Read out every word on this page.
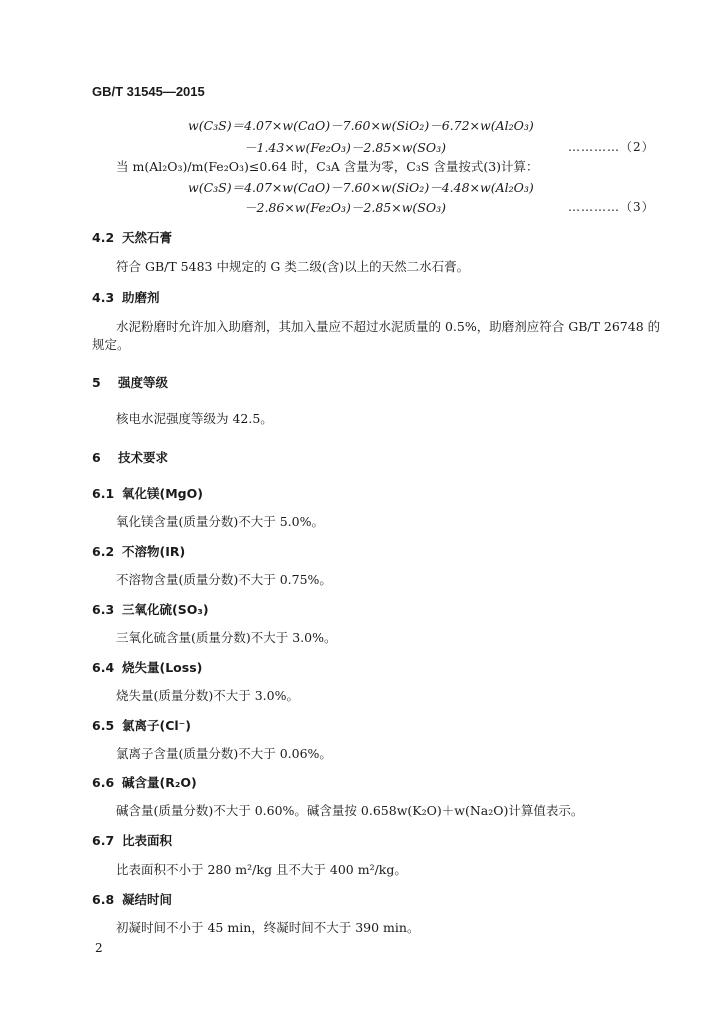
GB/T 31545—2015
w(C₃S)＝4.07×w(CaO)－7.60×w(SiO₂)－6.72×w(Al₂O₃)
－1.43×w(Fe₂O₃)－2.85×w(SO₃)	…………（2）
当 m(Al₂O₃)/m(Fe₂O₃)≤0.64 时，C₃A 含量为零，C₃S 含量按式(3)计算：
w(C₃S)＝4.07×w(CaO)－7.60×w(SiO₂)－4.48×w(Al₂O₃)
－2.86×w(Fe₂O₃)－2.85×w(SO₃)	…………（3）
4.2 天然石膏
符合 GB/T 5483 中规定的 G 类二级(含)以上的天然二水石膏。
4.3 助磨剂
水泥粉磨时允许加入助磨剂，其加入量应不超过水泥质量的 0.5%，助磨剂应符合 GB/T 26748 的
规定。
5 强度等级
核电水泥强度等级为 42.5。
6 技术要求
6.1 氧化镁(MgO)
氧化镁含量(质量分数)不大于 5.0%。
6.2 不溶物(IR)
不溶物含量(质量分数)不大于 0.75%。
6.3 三氧化硫(SO₃)
三氧化硫含量(质量分数)不大于 3.0%。
6.4 烧失量(Loss)
烧失量(质量分数)不大于 3.0%。
6.5 氯离子(Cl⁻)
氯离子含量(质量分数)不大于 0.06%。
6.6 碱含量(R₂O)
碱含量(质量分数)不大于 0.60%。碱含量按 0.658w(K₂O)＋w(Na₂O)计算值表示。
6.7 比表面积
比表面积不小于 280 m²/kg 且不大于 400 m²/kg。
6.8 凝结时间
初凝时间不小于 45 min，终凝时间不大于 390 min。
2
